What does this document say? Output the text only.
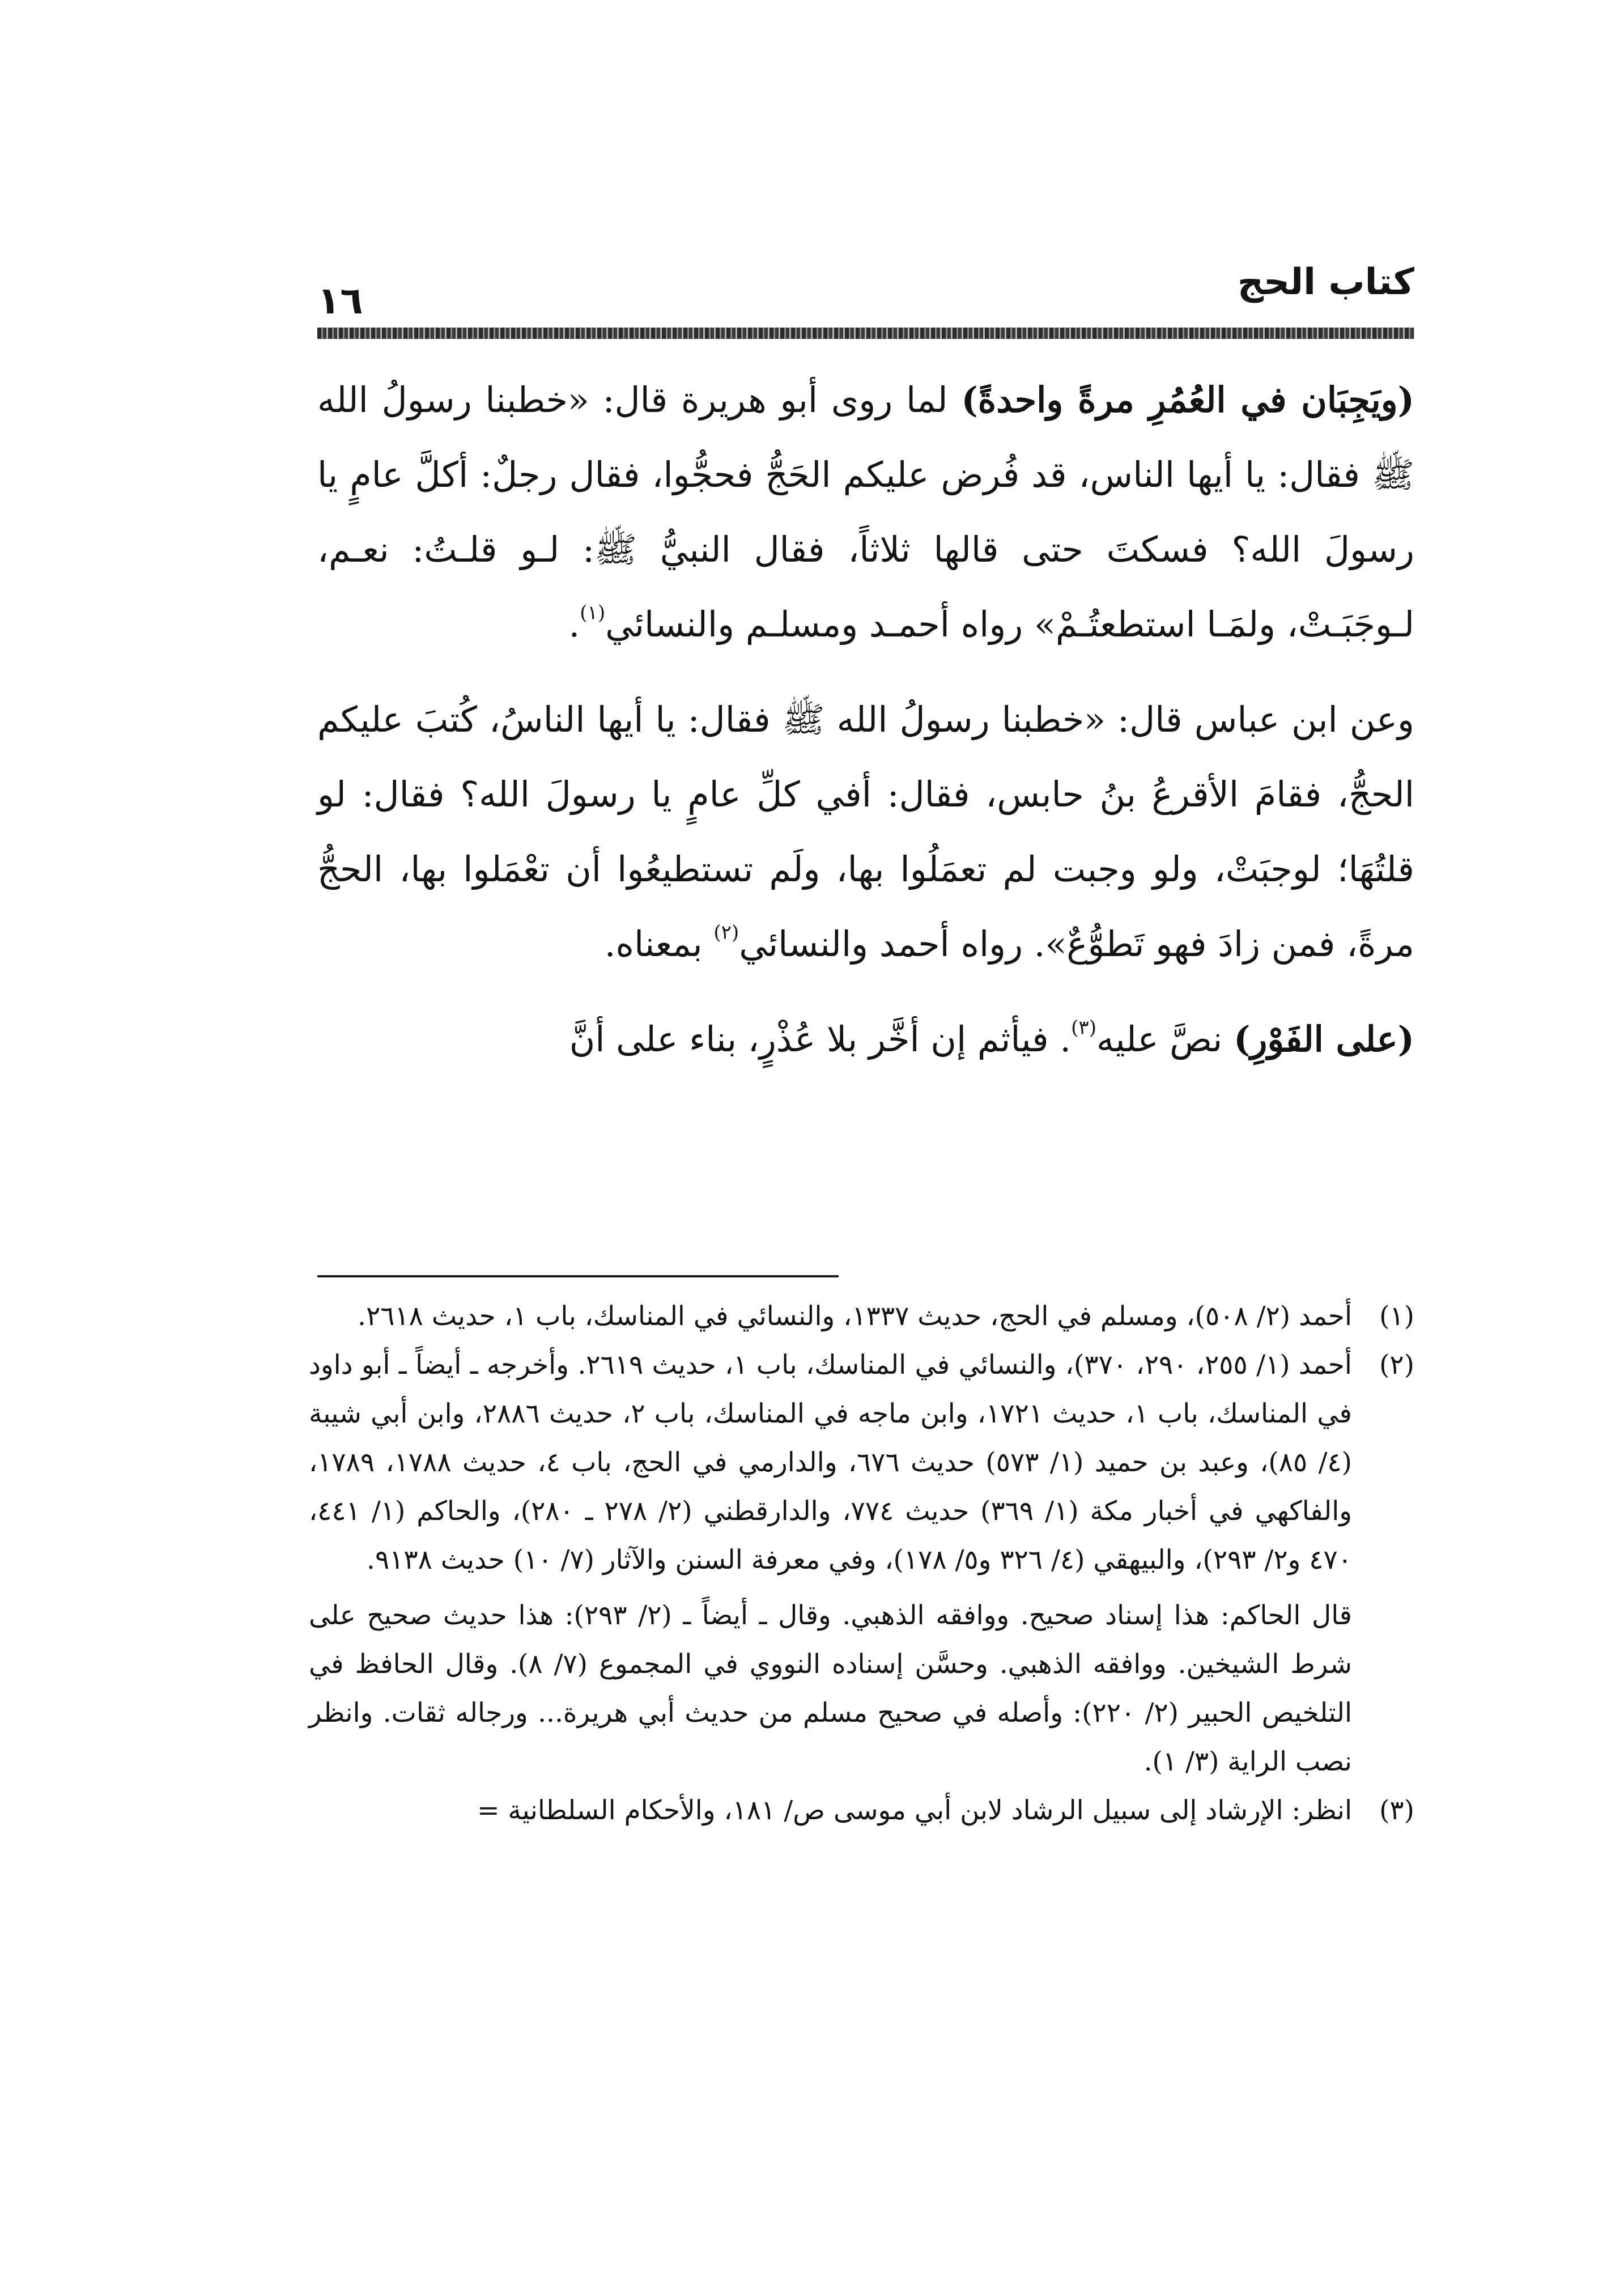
كتاب الحج
١٦

(ويَجِبَان في العُمُرِ مرةً واحدةً) لما روى أبو هريرة قال: «خطبنا رسولُ الله ﷺ فقال: يا أيها الناس، قد فُرض عليكم الحَجُّ فحجُّوا، فقال رجلٌ: أكلَّ عامٍ يا رسولَ الله؟ فسكتَ حتى قالها ثلاثاً، فقال النبيُّ ﷺ: لـو قلـتُ: نعـم، لـوجَبَـتْ، ولمَـا استطعتُـمْ» رواه أحمـد ومسلـم والنسائي$^{(١)}$.

وعن ابن عباس قال: «خطبنا رسولُ الله ﷺ فقال: يا أيها الناسُ، كُتبَ عليكم الحجُّ، فقامَ الأقرعُ بنُ حابس، فقال: أفي كلِّ عامٍ يا رسولَ الله؟ فقال: لو قلتُهَا؛ لوجبَتْ، ولو وجبت لم تعمَلُوا بها، ولَم تستطيعُوا أن تعْمَلوا بها، الحجُّ مرةً، فمن زادَ فهو تَطوُّعٌ». رواه أحمد والنسائي$^{(٢)}$ بمعناه.

(على الفَوْرِ) نصَّ عليه$^{(٣)}$. فيأثم إن أخَّر بلا عُذْرٍ، بناء على أنَّ

(١)

أحمد (٢/ ٥٠٨)، ومسلم في الحج، حديث ١٣٣٧، والنسائي في المناسك، باب ١، حديث ٢٦١٨.

(٢)

أحمد (١/ ٢٥٥، ٢٩٠، ٣٧٠)، والنسائي في المناسك، باب ١، حديث ٢٦١٩. وأخرجه ـ أيضاً ـ أبو داود في المناسك، باب ١، حديث ١٧٢١، وابن ماجه في المناسك، باب ٢، حديث ٢٨٨٦، وابن أبي شيبة (٤/ ٨٥)، وعبد بن حميد (١/ ٥٧٣) حديث ٦٧٦، والدارمي في الحج، باب ٤، حديث ١٧٨٨، ١٧٨٩، والفاكهي في أخبار مكة (١/ ٣٦٩) حديث ٧٧٤، والدارقطني (٢/ ٢٧٨ ـ ٢٨٠)، والحاكم (١/ ٤٤١، ٤٧٠ و٢/ ٢٩٣)، والبيهقي (٤/ ٣٢٦ و٥/ ١٧٨)، وفي معرفة السنن والآثار (٧/ ١٠) حديث ٩١٣٨.

قال الحاكم: هذا إسناد صحيح. ووافقه الذهبي. وقال ـ أيضاً ـ (٢/ ٢٩٣): هذا حديث صحيح على شرط الشيخين. ووافقه الذهبي. وحسَّن إسناده النووي في المجموع (٧/ ٨). وقال الحافظ في التلخيص الحبير (٢/ ٢٢٠): وأصله في صحيح مسلم من حديث أبي هريرة... ورجاله ثقات. وانظر نصب الراية (٣/ ١).

(٣)

انظر: الإرشاد إلى سبيل الرشاد لابن أبي موسى ص/ ١٨١، والأحكام السلطانية =
